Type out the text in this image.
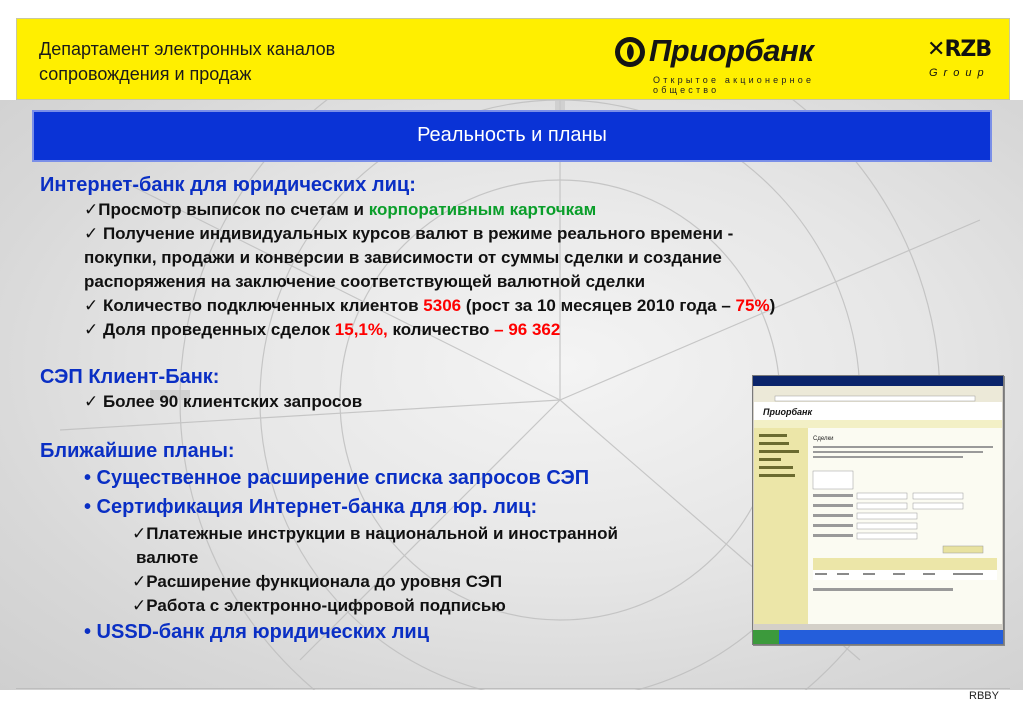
Департамент электронных каналов
сопровождения и продаж
Приорбанк
Открытое акционерное общество
✕RZB
Group
Реальность и планы
Интернет-банк для юридических лиц:
✓Просмотр выписок по счетам и корпоративным карточкам
✓ Получение индивидуальных курсов валют в режиме реального времени -
покупки, продажи и конверсии в зависимости от суммы сделки и создание
распоряжения на заключение соответствующей валютной сделки
✓ Количество подключенных клиентов 5306 (рост за 10 месяцев 2010 года – 75%)
✓ Доля проведенных сделок 15,1%, количество – 96 362
СЭП Клиент-Банк:
✓ Более 90 клиентских запросов
Ближайшие планы:
• Существенное расширение списка запросов СЭП
• Сертификация Интернет-банка для юр. лиц:
✓Платежные инструкции в национальной и иностранной
валюте
✓Расширение функционала до уровня СЭП
✓Работа с электронно-цифровой подписью
• USSD-банк для юридических лиц
Приорбанк
Сделки
RBBY
